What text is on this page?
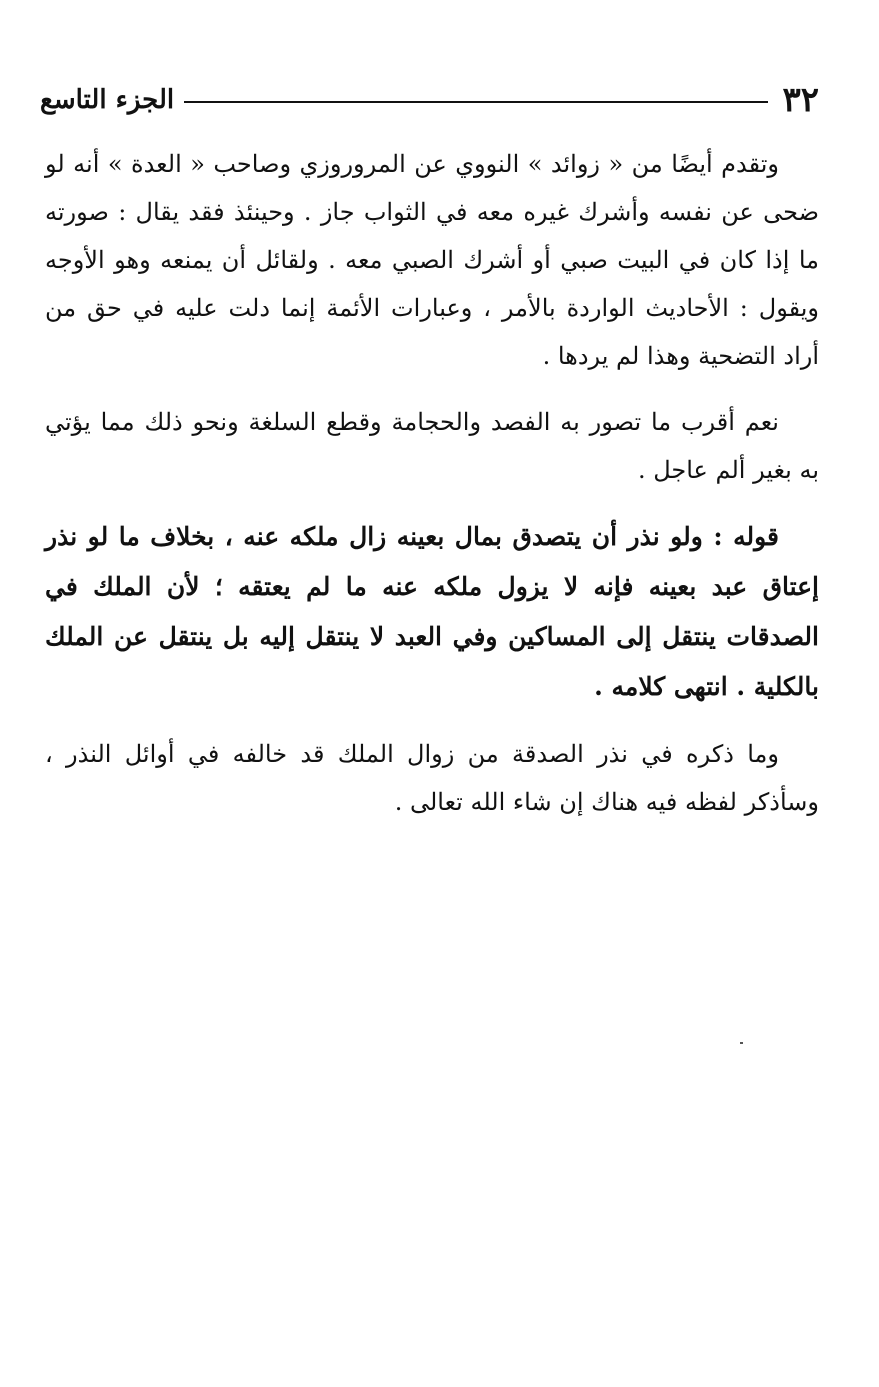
٣٢
الجزء التاسع

وتقدم أيضًا من « زوائد » النووي عن المروروزي وصاحب « العدة » أنه لو ضحى عن نفسه وأشرك غيره معه في الثواب جاز . وحينئذ فقد يقال : صورته ما إذا كان في البيت صبي أو أشرك الصبي معه . ولقائل أن يمنعه وهو الأوجه ويقول : الأحاديث الواردة بالأمر ، وعبارات الأئمة إنما دلت عليه في حق من أراد التضحية وهذا لم يردها .

نعم أقرب ما تصور به الفصد والحجامة وقطع السلغة ونحو ذلك مما يؤتي به بغير ألم عاجل .

قوله : ولو نذر أن يتصدق بمال بعينه زال ملكه عنه ، بخلاف ما لو نذر إعتاق عبد بعينه فإنه لا يزول ملكه عنه ما لم يعتقه ؛ لأن الملك في الصدقات ينتقل إلى المساكين وفي العبد لا ينتقل إليه بل ينتقل عن الملك بالكلية . انتهى كلامه .

وما ذكره في نذر الصدقة من زوال الملك قد خالفه في أوائل النذر ، وسأذكر لفظه فيه هناك إن شاء الله تعالى .
